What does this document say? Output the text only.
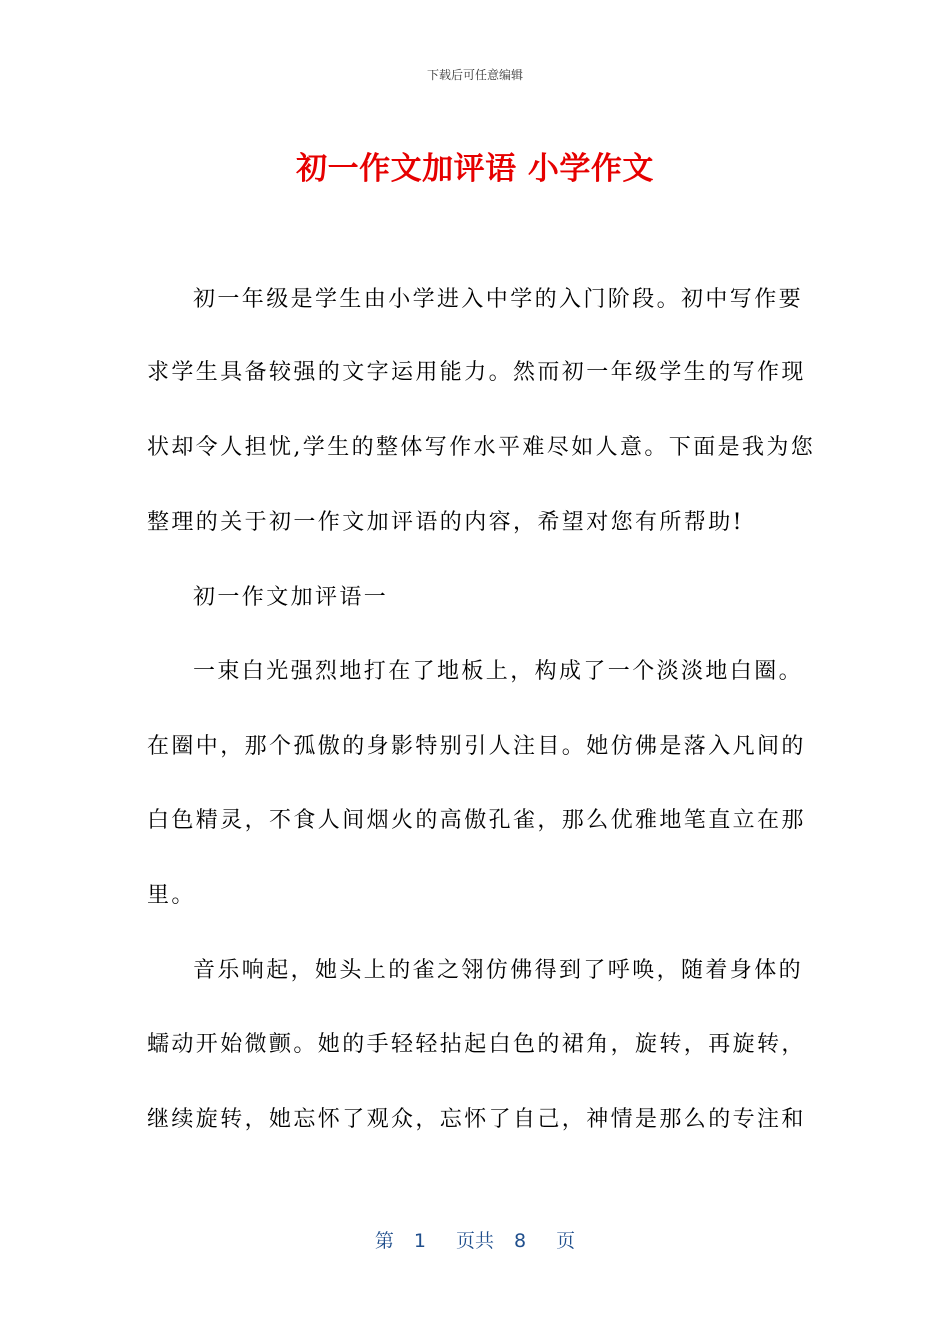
下载后可任意编辑
初一作文加评语 小学作文
初一年级是学生由小学进入中学的入门阶段。初中写作要
求学生具备较强的文字运用能力。然而初一年级学生的写作现
状却令人担忧,学生的整体写作水平难尽如人意。下面是我为您
整理的关于初一作文加评语的内容，希望对您有所帮助!
初一作文加评语一
一束白光强烈地打在了地板上，构成了一个淡淡地白圈。
在圈中，那个孤傲的身影特别引人注目。她仿佛是落入凡间的
白色精灵，不食人间烟火的高傲孔雀，那么优雅地笔直立在那
里。
音乐响起，她头上的雀之翎仿佛得到了呼唤，随着身体的
蠕动开始微颤。她的手轻轻拈起白色的裙角，旋转，再旋转，
继续旋转，她忘怀了观众，忘怀了自己，神情是那么的专注和
第 1 页共 8 页
